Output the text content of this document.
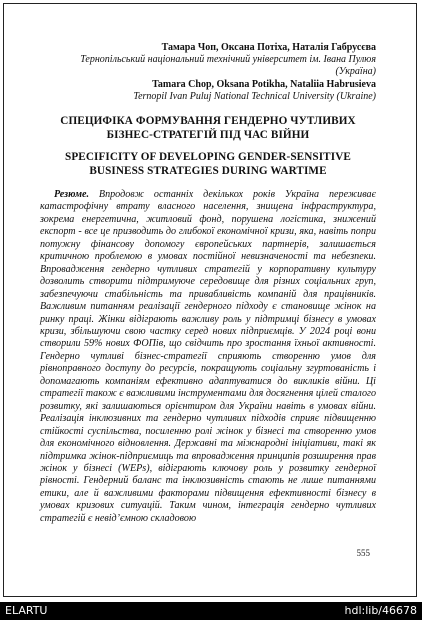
Тамара Чоп, Оксана Потіха, Наталія Габрусєва
Тернопільський національний технічний університет ім. Івана Пулюя (Україна)
Tamara Chop, Oksana Potikha, Nataliia Habrusieva
Ternopil Ivan Puluj National Technical University (Ukraine)
СПЕЦИФІКА ФОРМУВАННЯ ГЕНДЕРНО ЧУТЛИВИХ БІЗНЕС-СТРАТЕГІЙ ПІД ЧАС ВІЙНИ
SPECIFICITY OF DEVELOPING GENDER-SENSITIVE BUSINESS STRATEGIES DURING WARTIME
Резюме. Впродовж останніх декількох років Україна переживає катастрофічну втрату власного населення, знищена інфраструктура, зокрема енергетична, житловий фонд, порушена логістика, знижений експорт - все це призводить до глибокої економічної кризи, яка, навіть попри потужну фінансову допомогу європейських партнерів, залишається критичною проблемою в умовах постійної невизначеності та небезпеки. Впровадження гендерно чутливих стратегій у корпоративну культуру дозволить створити підтримуюче середовище для різних соціальних груп, забезпечуючи стабільність та привабливість компаній для працівників. Важливим питанням реалізації гендерного підходу є становище жінок на ринку праці. Жінки відіграють важливу роль у підтримці бізнесу в умовах кризи, збільшуючи свою частку серед нових підприємців. У 2024 році вони створили 59% нових ФОПів, що свідчить про зростання їхньої активності. Гендерно чутливі бізнес-стратегії сприяють створенню умов для рівноправного доступу до ресурсів, покращують соціальну згуртованість і допомагають компаніям ефективно адаптуватися до викликів війни. Ці стратегії також є важливими інструментами для досягнення цілей сталого розвитку, які залишаються орієнтиром для України навіть в умовах війни. Реалізація інклюзивних та гендерно чутливих підходів сприяє підвищенню стійкості суспільства, посиленню ролі жінок у бізнесі та створенню умов для економічного відновлення. Державні та міжнародні ініціативи, такі як підтримка жінок-підприємиць та впровадження принципів розширення прав жінок у бізнесі (WEPs), відіграють ключову роль у розвитку гендерної рівності. Гендерний баланс та інклюзивність стають не лише питаннями етики, але й важливими факторами підвищення ефективності бізнесу в умовах кризових ситуацій. Таким чином, інтеграція гендерно чутливих стратегій є невід’ємною складовою
555
ELARTU	hdl:lib/46678
